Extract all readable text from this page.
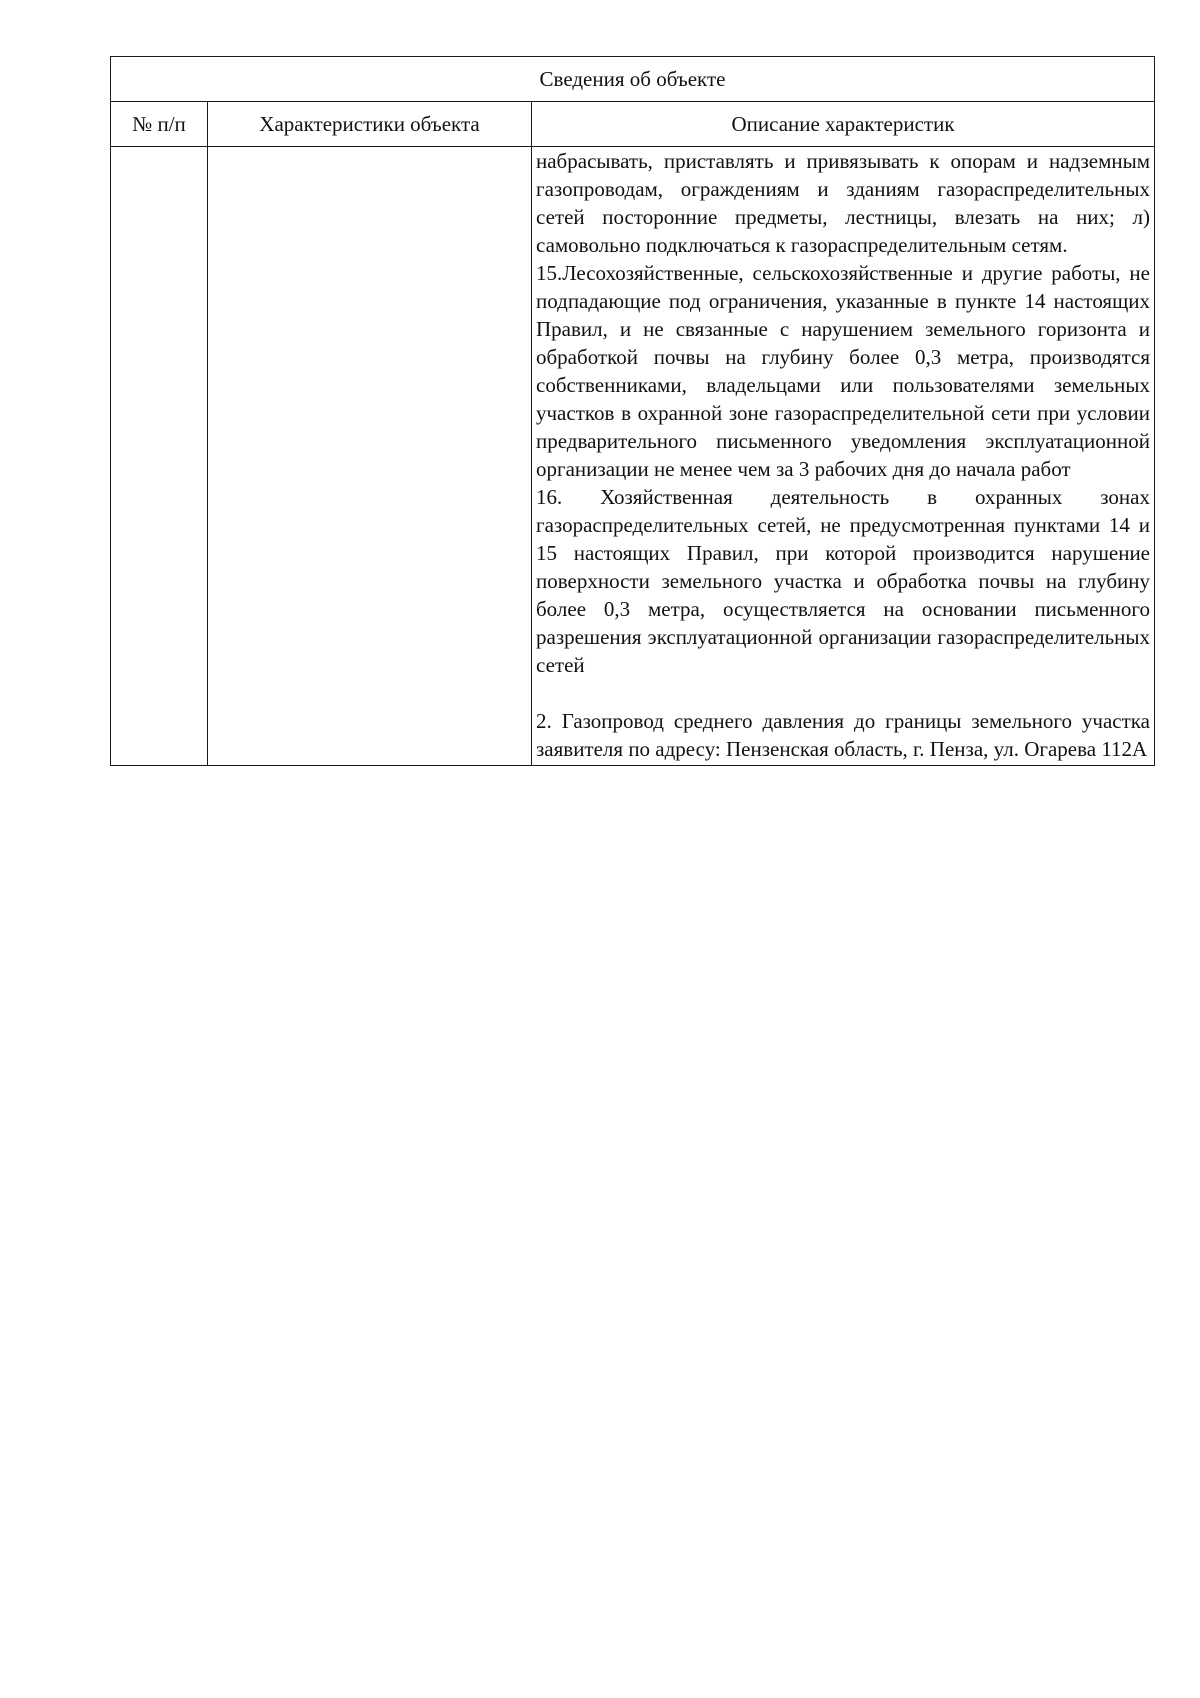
Сведения об объекте		
№ п/п	Характеристики объекта	Описание характеристик

		набрасывать, приставлять и привязывать к опорам и надземным газопроводам, ограждениям и зданиям газораспределительных сетей посторонние предметы, лестницы, влезать на них; л) самовольно подключаться к газораспределительным сетям.

15.Лесохозяйственные, сельскохозяйственные и другие работы, не подпадающие под ограничения, указанные в пункте 14 настоящих Правил, и не связанные с нарушением земельного горизонта и обработкой почвы на глубину более 0,3 метра, производятся собственниками, владельцами или пользователями земельных участков в охранной зоне газораспределительной сети при условии предварительного письменного уведомления эксплуатационной организации не менее чем за 3 рабочих дня до начала работ

16. Хозяйственная деятельность в охранных зонах газораспределительных сетей, не предусмотренная пунктами 14 и 15 настоящих Правил, при которой производится нарушение поверхности земельного участка и обработка почвы на глубину более 0,3 метра, осуществляется на основании письменного разрешения эксплуатационной организации газораспределительных сетей

2. Газопровод среднего давления до границы земельного участка заявителя по адресу: Пензенская область, г. Пенза, ул. Огарева 112А
